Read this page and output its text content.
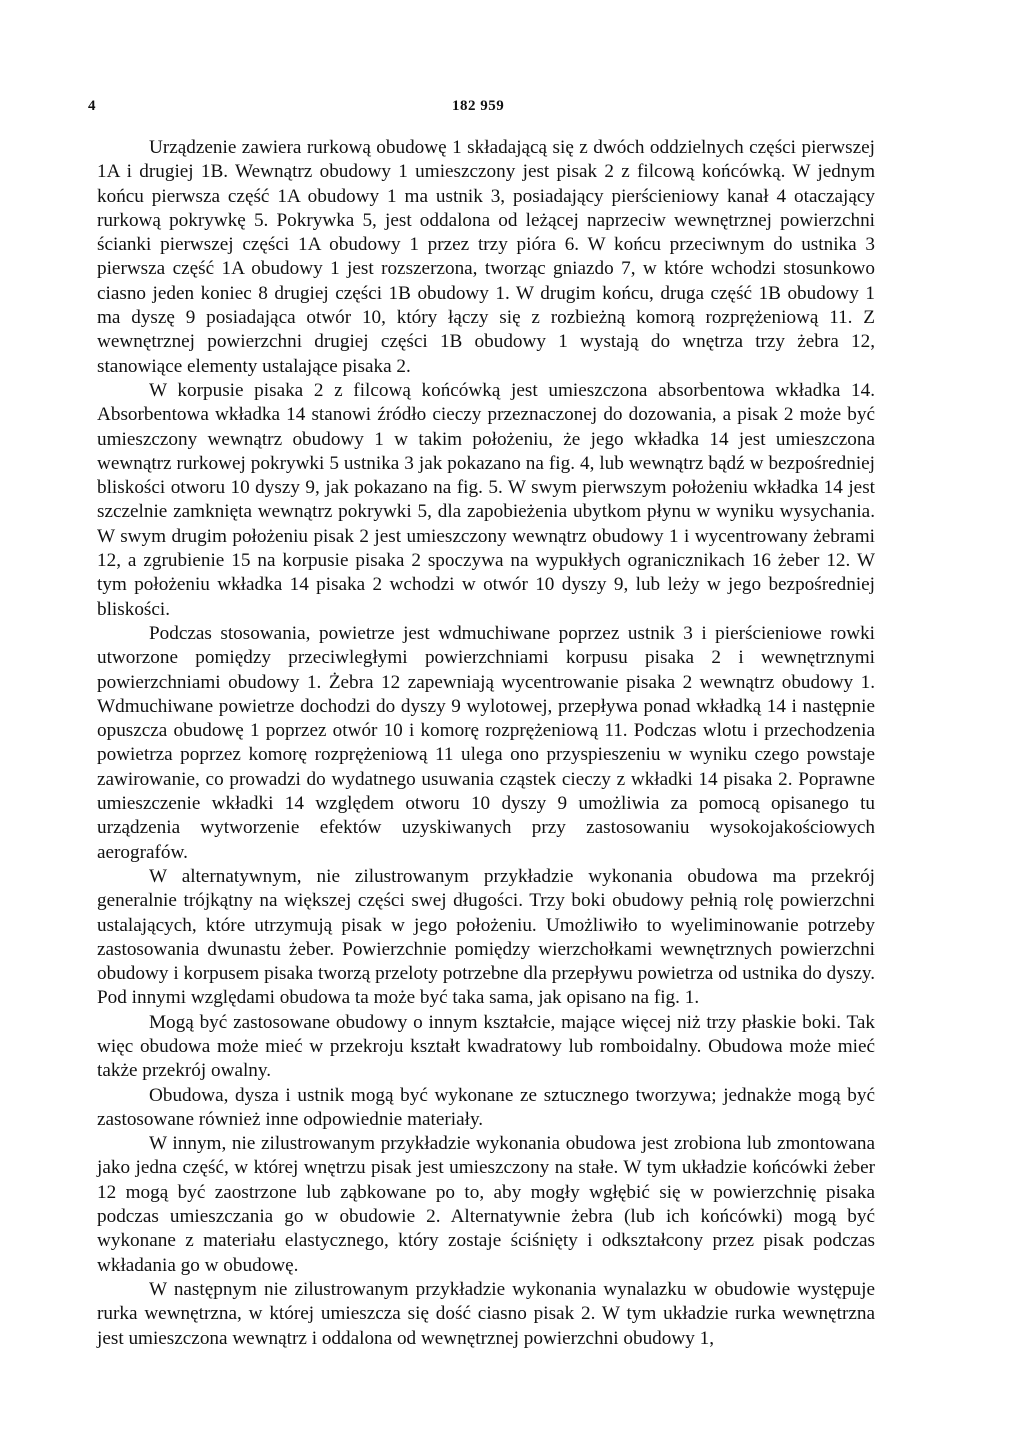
4	182 959

Urządzenie zawiera rurkową obudowę 1 składającą się z dwóch oddzielnych części pierwszej 1A i drugiej 1B. Wewnątrz obudowy 1 umieszczony jest pisak 2 z filcową końcówką. W jednym końcu pierwsza część 1A obudowy 1 ma ustnik 3, posiadający pierścieniowy kanał 4 otaczający rurkową pokrywkę 5. Pokrywka 5, jest oddalona od leżącej naprzeciw wewnętrznej powierzchni ścianki pierwszej części 1A obudowy 1 przez trzy pióra 6. W końcu przeciwnym do ustnika 3 pierwsza część 1A obudowy 1 jest rozszerzona, tworząc gniazdo 7, w które wchodzi stosunkowo ciasno jeden koniec 8 drugiej części 1B obudowy 1. W drugim końcu, druga część 1B obudowy 1 ma dyszę 9 posiadająca otwór 10, który łączy się z rozbieżną komorą rozprężeniową 11. Z wewnętrznej powierzchni drugiej części 1B obudowy 1 wystają do wnętrza trzy żebra 12, stanowiące elementy ustalające pisaka 2.

W korpusie pisaka 2 z filcową końcówką jest umieszczona absorbentowa wkładka 14. Absorbentowa wkładka 14 stanowi źródło cieczy przeznaczonej do dozowania, a pisak 2 może być umieszczony wewnątrz obudowy 1 w takim położeniu, że jego wkładka 14 jest umieszczona wewnątrz rurkowej pokrywki 5 ustnika 3 jak pokazano na fig. 4, lub wewnątrz bądź w bezpośredniej bliskości otworu 10 dyszy 9, jak pokazano na fig. 5. W swym pierwszym położeniu wkładka 14 jest szczelnie zamknięta wewnątrz pokrywki 5, dla zapobieżenia ubytkom płynu w wyniku wysychania. W swym drugim położeniu pisak 2 jest umieszczony wewnątrz obudowy 1 i wycentrowany żebrami 12, a zgrubienie 15 na korpusie pisaka 2 spoczywa na wypukłych ogranicznikach 16 żeber 12. W tym położeniu wkładka 14 pisaka 2 wchodzi w otwór 10 dyszy 9, lub leży w jego bezpośredniej bliskości.

Podczas stosowania, powietrze jest wdmuchiwane poprzez ustnik 3 i pierścieniowe rowki utworzone pomiędzy przeciwległymi powierzchniami korpusu pisaka 2 i wewnętrznymi powierzchniami obudowy 1. Żebra 12 zapewniają wycentrowanie pisaka 2 wewnątrz obudowy 1. Wdmuchiwane powietrze dochodzi do dyszy 9 wylotowej, przepływa ponad wkładką 14 i następnie opuszcza obudowę 1 poprzez otwór 10 i komorę rozprężeniową 11. Podczas wlotu i przechodzenia powietrza poprzez komorę rozprężeniową 11 ulega ono przyspieszeniu w wyniku czego powstaje zawirowanie, co prowadzi do wydatnego usuwania cząstek cieczy z wkładki 14 pisaka 2. Poprawne umieszczenie wkładki 14 względem otworu 10 dyszy 9 umożliwia za pomocą opisanego tu urządzenia wytworzenie efektów uzyskiwanych przy zastosowaniu wysokojakościowych aerografów.

W alternatywnym, nie zilustrowanym przykładzie wykonania obudowa ma przekrój generalnie trójkątny na większej części swej długości. Trzy boki obudowy pełnią rolę powierzchni ustalających, które utrzymują pisak w jego położeniu. Umożliwiło to wyeliminowanie potrzeby zastosowania dwunastu żeber. Powierzchnie pomiędzy wierzchołkami wewnętrznych powierzchni obudowy i korpusem pisaka tworzą przeloty potrzebne dla przepływu powietrza od ustnika do dyszy. Pod innymi względami obudowa ta może być taka sama, jak opisano na fig. 1.

Mogą być zastosowane obudowy o innym kształcie, mające więcej niż trzy płaskie boki. Tak więc obudowa może mieć w przekroju kształt kwadratowy lub romboidalny. Obudowa może mieć także przekrój owalny.

Obudowa, dysza i ustnik mogą być wykonane ze sztucznego tworzywa; jednakże mogą być zastosowane również inne odpowiednie materiały.

W innym, nie zilustrowanym przykładzie wykonania obudowa jest zrobiona lub zmontowana jako jedna część, w której wnętrzu pisak jest umieszczony na stałe. W tym układzie końcówki żeber 12 mogą być zaostrzone lub ząbkowane po to, aby mogły wgłębić się w powierzchnię pisaka podczas umieszczania go w obudowie 2. Alternatywnie żebra (lub ich końcówki) mogą być wykonane z materiału elastycznego, który zostaje ściśnięty i odkształcony przez pisak podczas wkładania go w obudowę.

W następnym nie zilustrowanym przykładzie wykonania wynalazku w obudowie występuje rurka wewnętrzna, w której umieszcza się dość ciasno pisak 2. W tym układzie rurka wewnętrzna jest umieszczona wewnątrz i oddalona od wewnętrznej powierzchni obudowy 1,
